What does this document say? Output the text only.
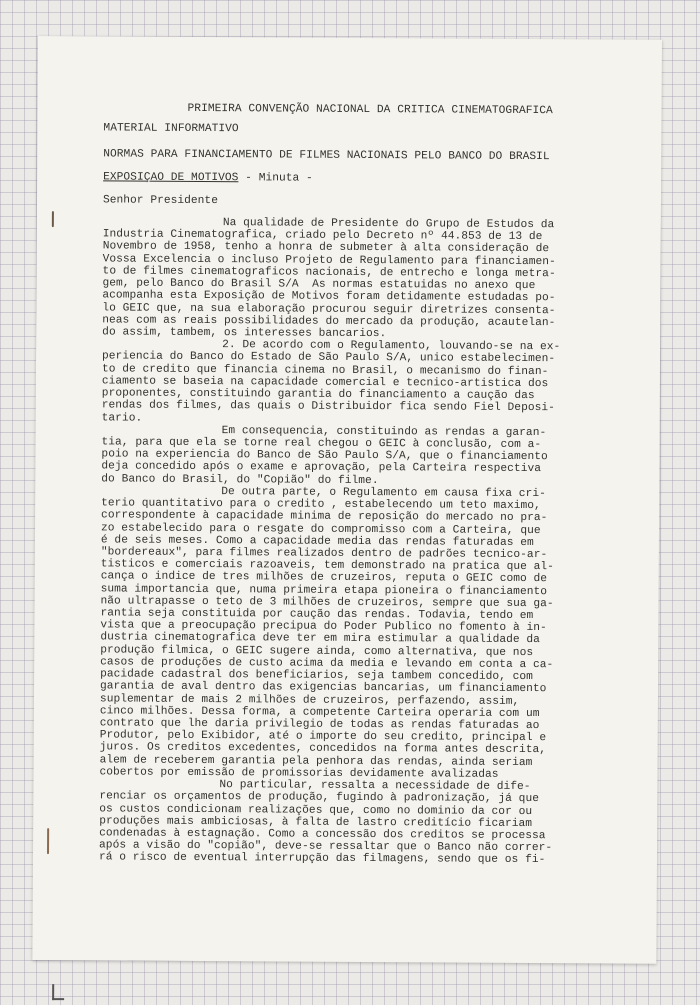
PRIMEIRA CONVENÇÃO NACIONAL DA CRITICA CINEMATOGRAFICA
MATERIAL INFORMATIVO
NORMAS PARA FINANCIAMENTO DE FILMES NACIONAIS PELO BANCO DO BRASIL
EXPOSIÇAO DE MOTIVOS - Minuta -
Senhor Presidente
Na qualidade de Presidente do Grupo de Estudos da
Industria Cinematografica, criado pelo Decreto nº 44.853 de 13 de
Novembro de 1958, tenho a honra de submeter à alta consideração de
Vossa Excelencia o incluso Projeto de Regulamento para financiamen-
to de filmes cinematograficos nacionais, de entrecho e longa metra-
gem, pelo Banco do Brasil S/A  As normas estatuidas no anexo que
acompanha esta Exposição de Motivos foram detidamente estudadas po-
lo GEIC que, na sua elaboração procurou seguir diretrizes consenta-
neas com as reais possibilidades do mercado da produção, acautelan-
do assim, tambem, os interesses bancarios.
2. De acordo com o Regulamento, louvando-se na ex-
periencia do Banco do Estado de São Paulo S/A, unico estabelecimen-
to de credito que financia cinema no Brasil, o mecanismo do finan-
ciamento se baseia na capacidade comercial e tecnico-artistica dos
proponentes, constituindo garantia do financiamento a caução das
rendas dos filmes, das quais o Distribuidor fica sendo Fiel Deposi-
tario.
Em consequencia, constituindo as rendas a garan-
tia, para que ela se torne real chegou o GEIC à conclusão, com a-
poio na experiencia do Banco de São Paulo S/A, que o financiamento
deja concedido após o exame e aprovação, pela Carteira respectiva
do Banco do Brasil, do "Copião" do filme.
De outra parte, o Regulamento em causa fixa cri-
terio quantitativo para o credito , estabelecendo um teto maximo,
correspondente à capacidade minima de reposição do mercado no pra-
zo estabelecido para o resgate do compromisso com a Carteira, que
é de seis meses. Como a capacidade media das rendas faturadas em
"bordereaux", para filmes realizados dentro de padrões tecnico-ar-
tisticos e comerciais razoaveis, tem demonstrado na pratica que al-
cança o indice de tres milhões de cruzeiros, reputa o GEIC como de
suma importancia que, numa primeira etapa pioneira o financiamento
não ultrapasse o teto de 3 milhões de cruzeiros, sempre que sua ga-
rantia seja constituida por caução das rendas. Todavia, tendo em
vista que a preocupação precipua do Poder Publico no fomento à in-
dustria cinematografica deve ter em mira estimular a qualidade da
produção filmica, o GEIC sugere ainda, como alternativa, que nos
casos de produções de custo acima da media e levando em conta a ca-
pacidade cadastral dos beneficiarios, seja tambem concedido, com
garantia de aval dentro das exigencias bancarias, um financiamento
suplementar de mais 2 milhões de cruzeiros, perfazendo, assim,
cinco milhões. Dessa forma, a competente Carteira operaria com um
contrato que lhe daria privilegio de todas as rendas faturadas ao
Produtor, pelo Exibidor, até o importe do seu credito, principal e
juros. Os creditos excedentes, concedidos na forma antes descrita,
alem de receberem garantia pela penhora das rendas, ainda seriam
cobertos por emissão de promissorias devidamente avalizadas
No particular, ressalta a necessidade de dife-
renciar os orçamentos de produção, fugindo à padronização, já que
os custos condicionam realizações que, como no dominio da cor ou
produções mais ambiciosas, à falta de lastro creditício ficariam
condenadas à estagnação. Como a concessão dos creditos se processa
após a visão do "copião", deve-se ressaltar que o Banco não correr-
rá o risco de eventual interrupção das filmagens, sendo que os fi-
